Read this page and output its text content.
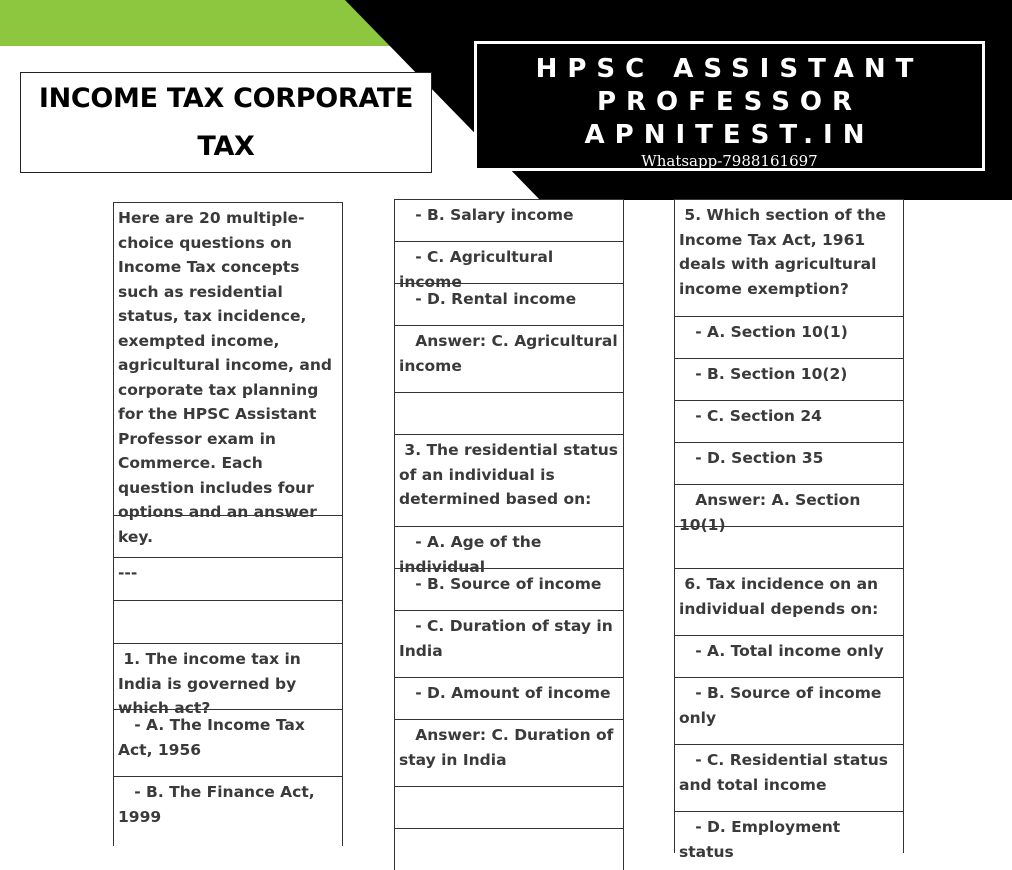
INCOME TAX CORPORATE
TAX
HPSC ASSISTANT
PROFESSOR
APNITEST.IN
Whatsapp-7988161697
Here are 20 multiple-choice questions on Income Tax concepts such as residential status, tax incidence, exempted income, agricultural income, and corporate tax planning for the HPSC Assistant Professor exam in Commerce. Each question includes four options and an answer key.
---
1. The income tax in India is governed by which act?
- A. The Income Tax Act, 1956
- B. The Finance Act, 1999
- B. Salary income
- C. Agricultural income
- D. Rental income
Answer: C. Agricultural income
3. The residential status of an individual is determined based on:
- A. Age of the individual
- B. Source of income
- C. Duration of stay in India
- D. Amount of income
Answer: C. Duration of stay in India
5. Which section of the Income Tax Act, 1961 deals with agricultural income exemption?
- A. Section 10(1)
- B. Section 10(2)
- C. Section 24
- D. Section 35
Answer: A. Section 10(1)
6. Tax incidence on an individual depends on:
- A. Total income only
- B. Source of income only
- C. Residential status and total income
- D. Employment status
